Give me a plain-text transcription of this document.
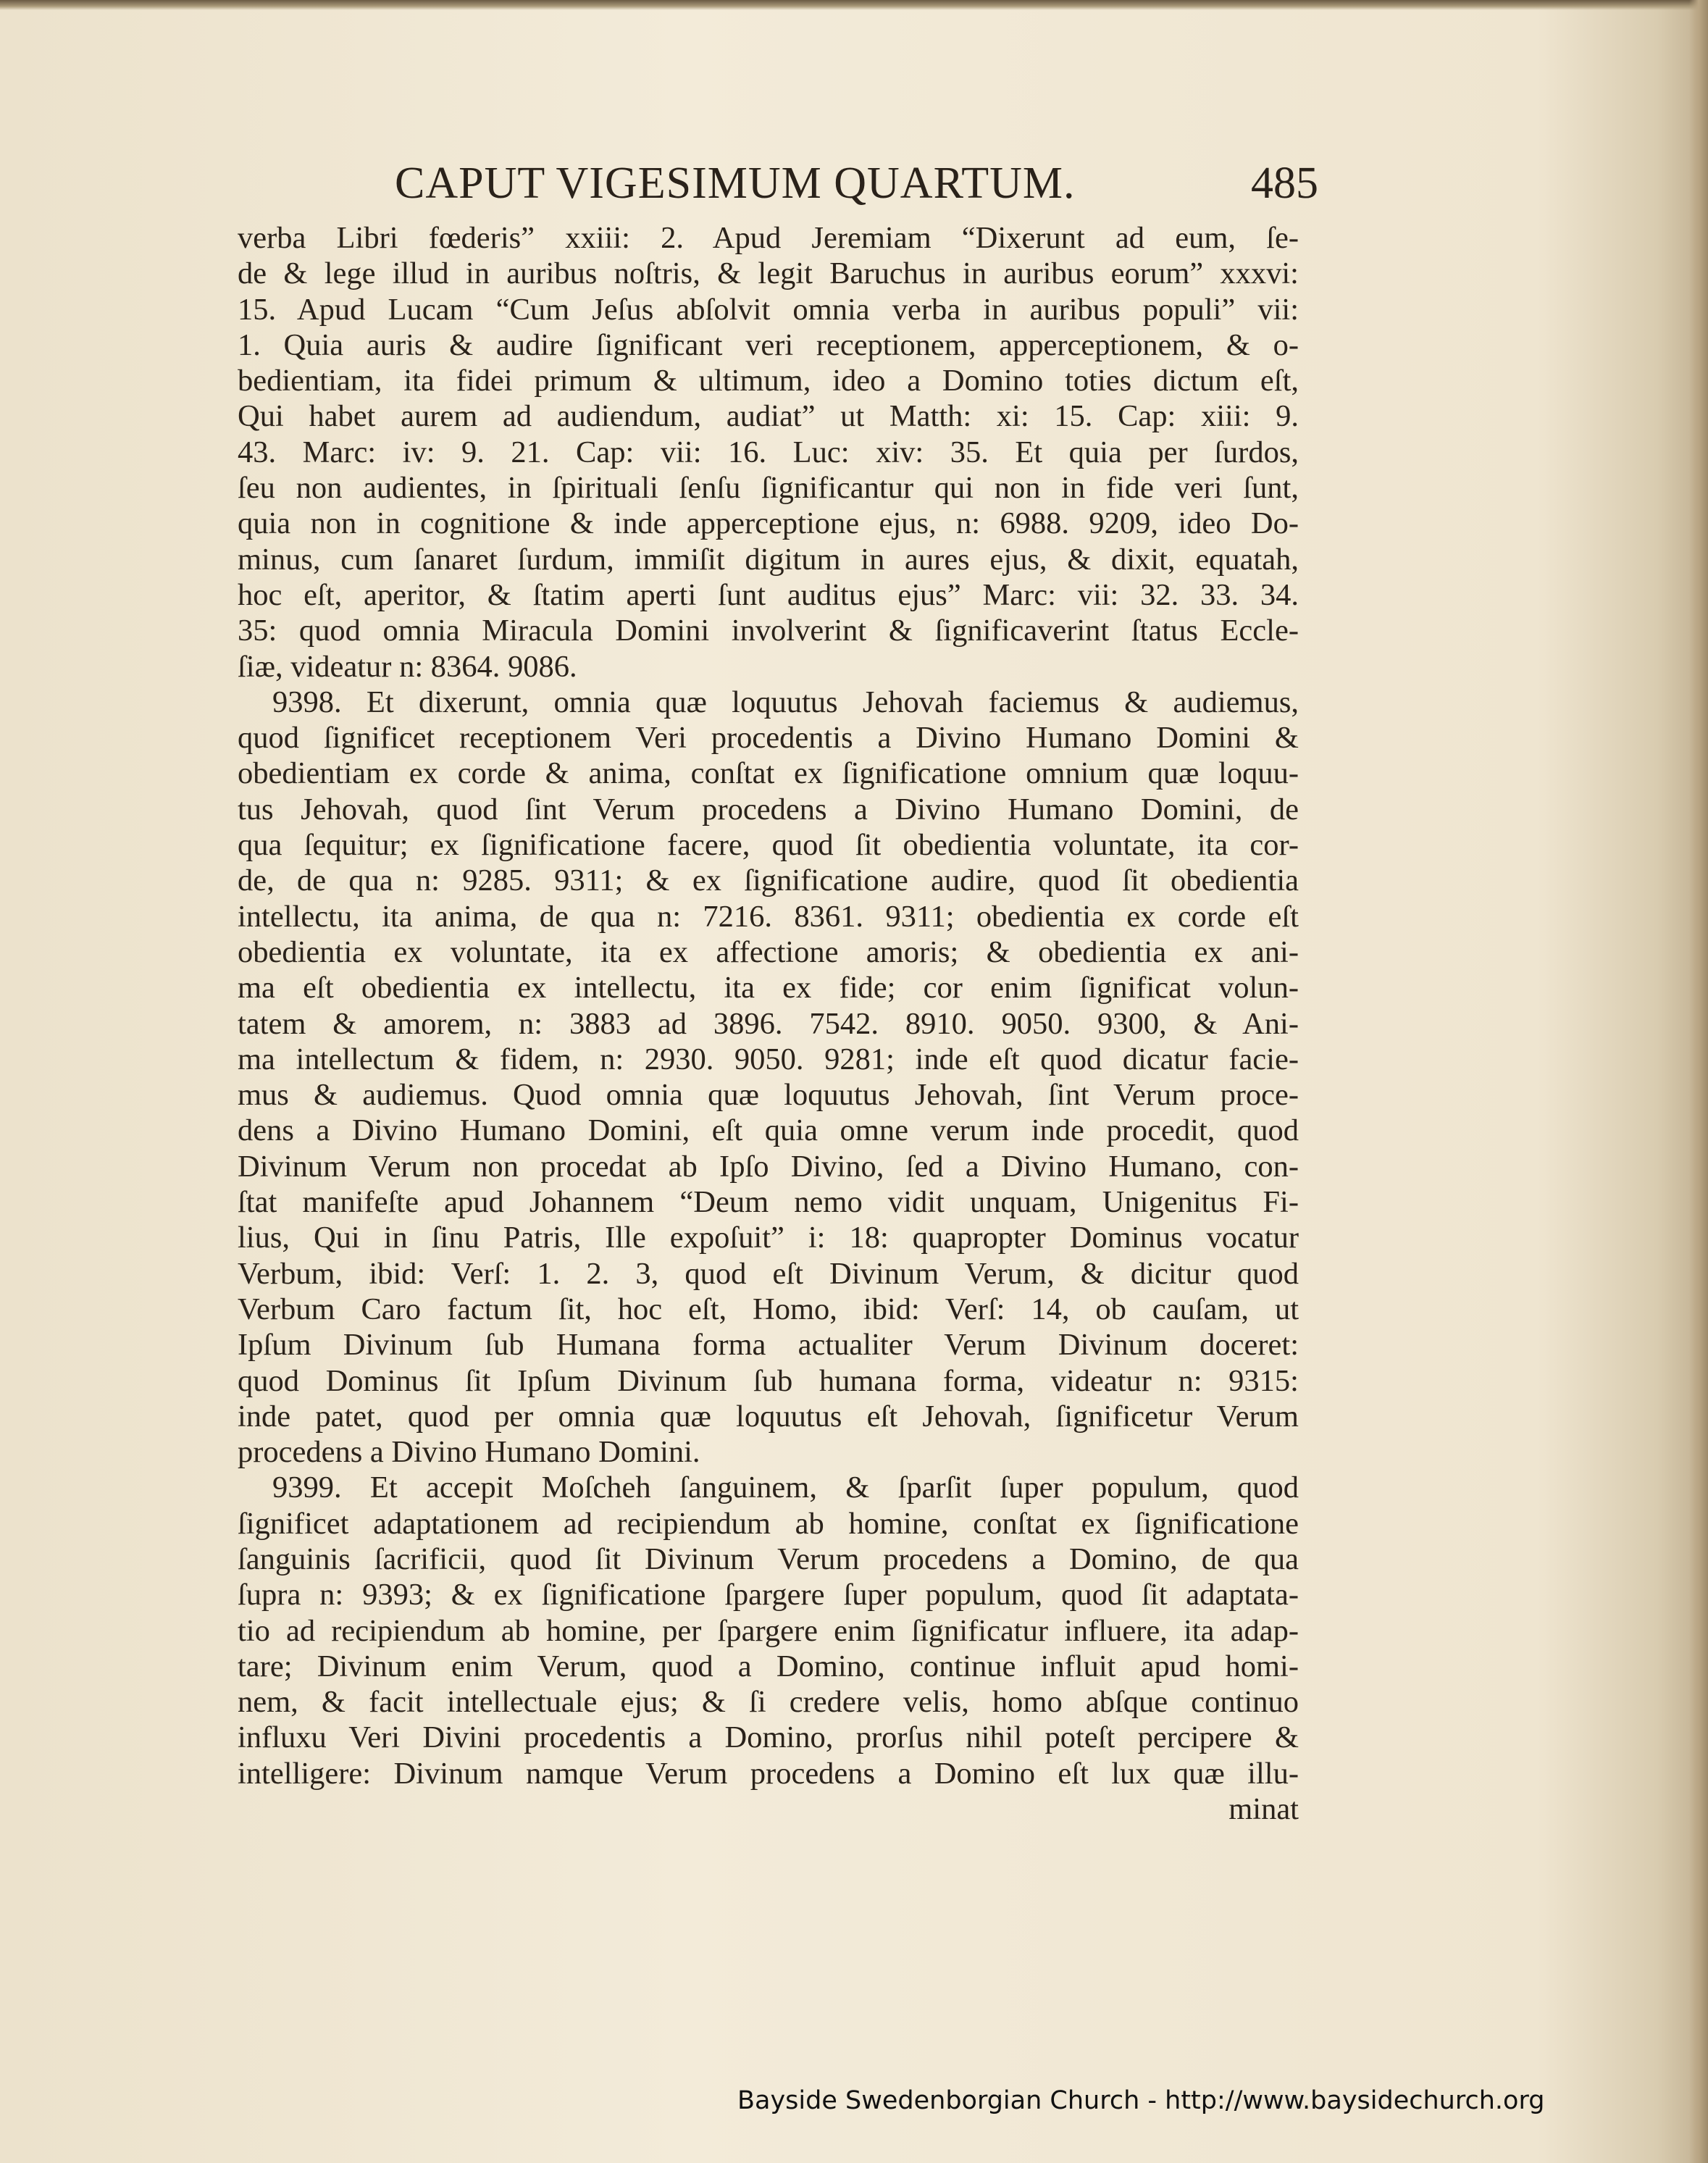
CAPUT VIGESIMUM QUARTUM.	485
verba Libri fœderis” xxiii: 2. Apud Jeremiam “Dixerunt ad eum, ſe-
de & lege illud in auribus noſtris, & legit Baruchus in auribus eorum” xxxvi:
15. Apud Lucam “Cum Jeſus abſolvit omnia verba in auribus populi” vii:
1. Quia auris & audire ſignificant veri receptionem, apperceptionem, & o-
bedientiam, ita fidei primum & ultimum, ideo a Domino toties dictum eſt,
Qui habet aurem ad audiendum, audiat” ut Matth: xi: 15. Cap: xiii: 9.
43. Marc: iv: 9. 21. Cap: vii: 16. Luc: xiv: 35. Et quia per ſurdos,
ſeu non audientes, in ſpirituali ſenſu ſignificantur qui non in fide veri ſunt,
quia non in cognitione & inde apperceptione ejus, n: 6988. 9209, ideo Do-
minus, cum ſanaret ſurdum, immiſit digitum in aures ejus, & dixit, equatah,
hoc eſt, aperitor, & ſtatim aperti ſunt auditus ejus” Marc: vii: 32. 33. 34.
35: quod omnia Miracula Domini involverint & ſignificaverint ſtatus Eccle-
ſiæ, videatur n: 8364. 9086.
9398. Et dixerunt, omnia quæ loquutus Jehovah faciemus & audiemus,
quod ſignificet receptionem Veri procedentis a Divino Humano Domini &
obedientiam ex corde & anima, conſtat ex ſignificatione omnium quæ loquu-
tus Jehovah, quod ſint Verum procedens a Divino Humano Domini, de
qua ſequitur; ex ſignificatione facere, quod ſit obedientia voluntate, ita cor-
de, de qua n: 9285. 9311; & ex ſignificatione audire, quod ſit obedientia
intellectu, ita anima, de qua n: 7216. 8361. 9311; obedientia ex corde eſt
obedientia ex voluntate, ita ex affectione amoris; & obedientia ex ani-
ma eſt obedientia ex intellectu, ita ex fide; cor enim ſignificat volun-
tatem & amorem, n: 3883 ad 3896. 7542. 8910. 9050. 9300, & Ani-
ma intellectum & fidem, n: 2930. 9050. 9281; inde eſt quod dicatur facie-
mus & audiemus. Quod omnia quæ loquutus Jehovah, ſint Verum proce-
dens a Divino Humano Domini, eſt quia omne verum inde procedit, quod
Divinum Verum non procedat ab Ipſo Divino, ſed a Divino Humano, con-
ſtat manifeſte apud Johannem “Deum nemo vidit unquam, Unigenitus Fi-
lius, Qui in ſinu Patris, Ille expoſuit” i: 18: quapropter Dominus vocatur
Verbum, ibid: Verſ: 1. 2. 3, quod eſt Divinum Verum, & dicitur quod
Verbum Caro factum ſit, hoc eſt, Homo, ibid: Verſ: 14, ob cauſam, ut
Ipſum Divinum ſub Humana forma actualiter Verum Divinum doceret:
quod Dominus ſit Ipſum Divinum ſub humana forma, videatur n: 9315:
inde patet, quod per omnia quæ loquutus eſt Jehovah, ſignificetur Verum
procedens a Divino Humano Domini.
9399. Et accepit Moſcheh ſanguinem, & ſparſit ſuper populum, quod
ſignificet adaptationem ad recipiendum ab homine, conſtat ex ſignificatione
ſanguinis ſacrificii, quod ſit Divinum Verum procedens a Domino, de qua
ſupra n: 9393; & ex ſignificatione ſpargere ſuper populum, quod ſit adaptata-
tio ad recipiendum ab homine, per ſpargere enim ſignificatur influere, ita adap-
tare; Divinum enim Verum, quod a Domino, continue influit apud homi-
nem, & facit intellectuale ejus; & ſi credere velis, homo abſque continuo
influxu Veri Divini procedentis a Domino, prorſus nihil poteſt percipere &
intelligere: Divinum namque Verum procedens a Domino eſt lux quæ illu-
minat
Bayside Swedenborgian Church - http://www.baysidechurch.org
